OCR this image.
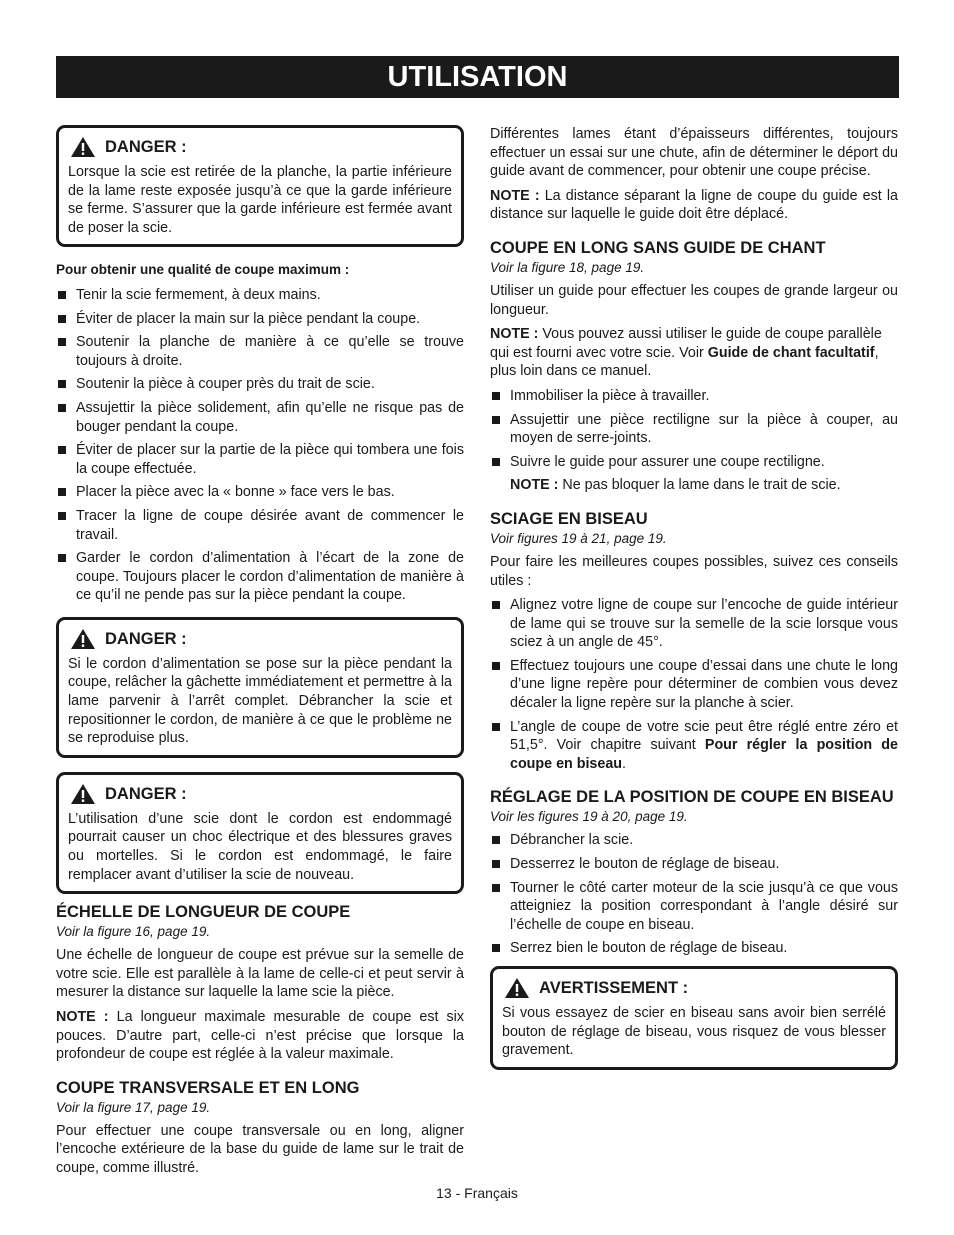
UTILISATION
DANGER :

Lorsque la scie est retirée de la planche, la partie inférieure de la lame reste exposée jusqu’à ce que la garde inférieure se ferme. S’assurer que la garde inférieure est fermée avant de poser la scie.

Pour obtenir une qualité de coupe maximum :
Tenir la scie fermement, à deux mains.
Éviter de placer la main sur la pièce pendant la coupe.
Soutenir la planche de manière à ce qu’elle se trouve toujours à droite.
Soutenir la pièce à couper près du trait de scie.
Assujettir la pièce solidement, afin qu’elle ne risque pas de bouger pendant la coupe.
Éviter de placer sur la partie de la pièce qui tombera une fois la coupe effectuée.
Placer la pièce avec la « bonne » face vers le bas.
Tracer la ligne de coupe désirée avant de commencer le travail.
Garder le cordon d’alimentation à l’écart de la zone de coupe. Toujours placer le cordon d’alimentation de manière à ce qu’il ne pende pas sur la pièce pendant la coupe.
DANGER :

Si le cordon d’alimentation se pose sur la pièce pendant la coupe, relâcher la gâchette immédiatement et permettre à la lame parvenir à l’arrêt complet. Débrancher la scie et repositionner le cordon, de manière à ce que le problème ne se reproduise plus.

DANGER :

L’utilisation d’une scie dont le cordon est endommagé pourrait causer un choc électrique et des blessures graves ou mortelles. Si le cordon est endommagé, le faire remplacer avant d’utiliser la scie de nouveau.

ÉCHELLE DE LONGUEUR DE COUPE
Voir la figure 16, page 19.

Une échelle de longueur de coupe est prévue sur la semelle de votre scie. Elle est parallèle à la lame de celle-ci et peut servir à mesurer la distance sur laquelle la lame scie la pièce.

NOTE : La longueur maximale mesurable de coupe est six pouces. D’autre part, celle-ci n’est précise que lorsque la profondeur de coupe est réglée à la valeur maximale.

COUPE TRANSVERSALE ET EN LONG
Voir la figure 17, page 19.

Pour effectuer une coupe transversale ou en long, aligner l’encoche extérieure de la base du guide de lame sur le trait de coupe, comme illustré.

Différentes lames étant d’épaisseurs différentes, toujours effectuer un essai sur une chute, afin de déterminer le déport du guide avant de commencer, pour obtenir une coupe précise.

NOTE : La distance séparant la ligne de coupe du guide est la distance sur laquelle le guide doit être déplacé.

COUPE EN LONG SANS GUIDE DE CHANT
Voir la figure 18, page 19.

Utiliser un guide pour effectuer les coupes de grande largeur ou longueur.

NOTE : Vous pouvez aussi utiliser le guide de coupe parallèle qui est fourni avec votre scie. Voir Guide de chant facultatif, plus loin dans ce manuel.

Immobiliser la pièce à travailler.
Assujettir une pièce rectiligne sur la pièce à couper, au moyen de serre-joints.
Suivre le guide pour assurer une coupe rectiligne.

NOTE : Ne pas bloquer la lame dans le trait de scie.

SCIAGE EN BISEAU
Voir figures 19 à 21, page 19.

Pour faire les meilleures coupes possibles, suivez ces conseils utiles :

Alignez votre ligne de coupe sur l’encoche de guide intérieur de lame qui se trouve sur la semelle de la scie lorsque vous sciez à un angle de 45°.
Effectuez toujours une coupe d’essai dans une chute le long d’une ligne repère pour déterminer de combien vous devez décaler la ligne repère sur la planche à scier.
L’angle de coupe de votre scie peut être réglé entre zéro et 51,5°. Voir chapitre suivant Pour régler la position de coupe en biseau.
RÉGLAGE DE LA POSITION DE COUPE EN BISEAU
Voir les figures 19 à 20, page 19.
Débrancher la scie.
Desserrez le bouton de réglage de biseau.
Tourner le côté carter moteur de la scie jusqu’à ce que vous atteigniez la position correspondant à l’angle désiré sur l’échelle de coupe en biseau.
Serrez bien le bouton de réglage de biseau.
AVERTISSEMENT :

Si vous essayez de scier en biseau sans avoir bien serrélé bouton de réglage de biseau, vous risquez de vous blesser gravement.

13 - Français
